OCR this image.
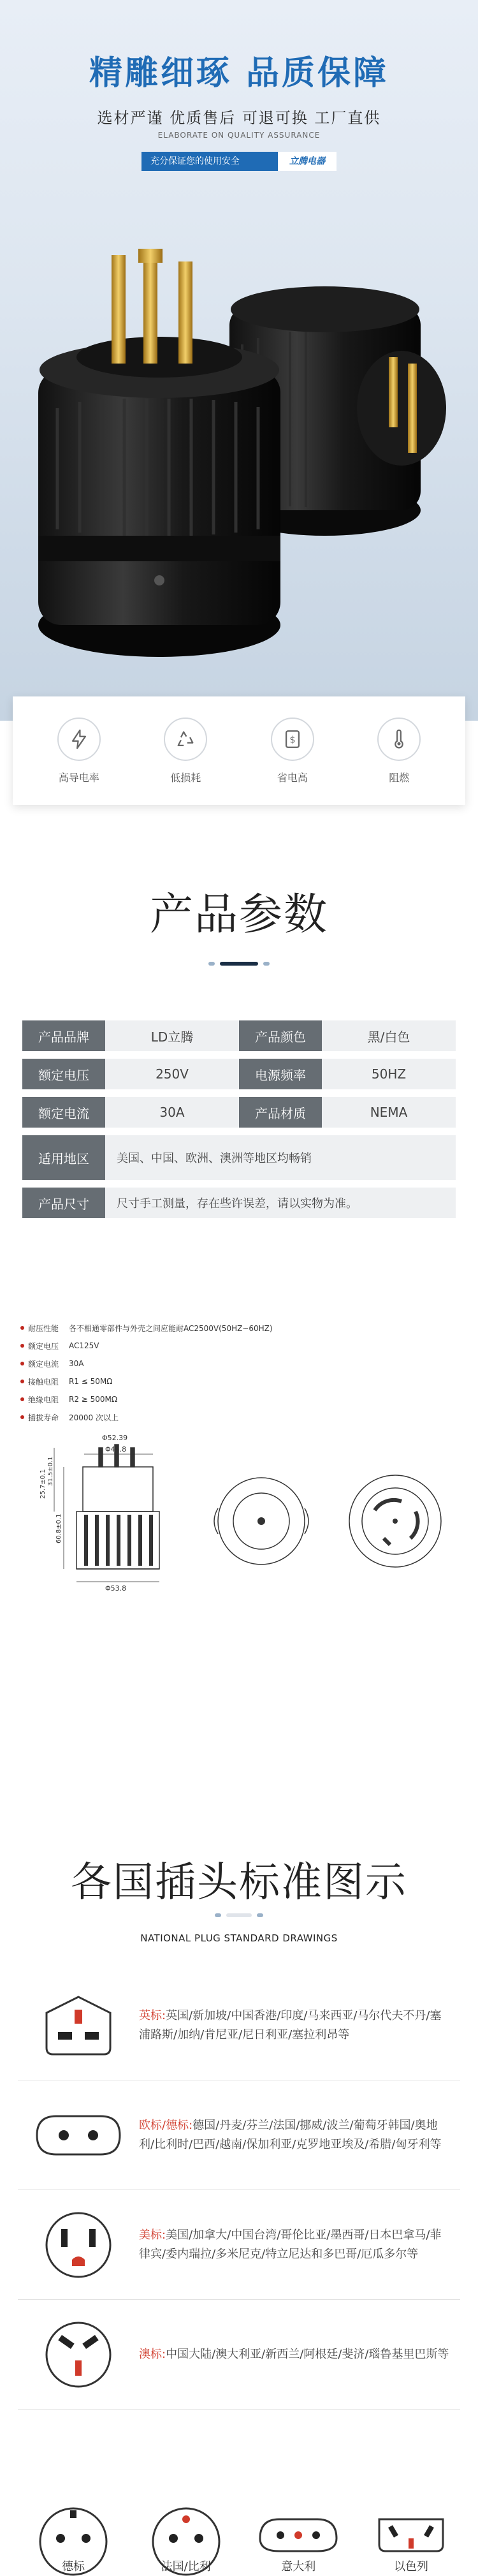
精雕细琢 品质保障
选材严谨 优质售后 可退可换 工厂直供
ELABORATE ON QUALITY ASSURANCE
充分保证您的使用安全	立腾电器
高导电率	低损耗
$
省电高	阻燃
产品参数
产品品牌	LD立腾	产品颜色	黑/白色
额定电压	250V	电源频率	50HZ
额定电流	30A	产品材质	NEMA
适用地区	美国、中国、欧洲、澳洲等地区均畅销
产品尺寸	尺寸手工测量，存在些许误差，请以实物为准。
耐压性能	各不相通零部件与外壳之间应能耐AC2500V(50HZ~60HZ)
额定电压	AC125V
额定电流	30A
接触电阻	R1 ≤ 50MΩ
绝缘电阻	R2 ≥ 500MΩ
插拔寿命	20000 次以上
Φ52.39
Φ44.8
Φ53.8
25.7±0.1 31.5±0.1
60.8±0.1
各国插头标准图示
NATIONAL PLUG STANDARD DRAWINGS
英标:英国/新加坡/中国香港/印度/马来西亚/马尔代夫不丹/塞浦路斯/加纳/肯尼亚/尼日利亚/塞拉利昂等
欧标/德标:德国/丹麦/芬兰/法国/挪威/波兰/葡萄牙韩国/奥地利/比利时/巴西/越南/保加利亚/克罗地亚埃及/希腊/匈牙利等
美标:美国/加拿大/中国台湾/哥伦比亚/墨西哥/日本巴拿马/菲律宾/委内瑞拉/多米尼克/特立尼达和多巴哥/厄瓜多尔等
澳标:中国大陆/澳大利亚/新西兰/阿根廷/斐济/瑙鲁基里巴斯等
德标	法国/比利	意大利	以色列
